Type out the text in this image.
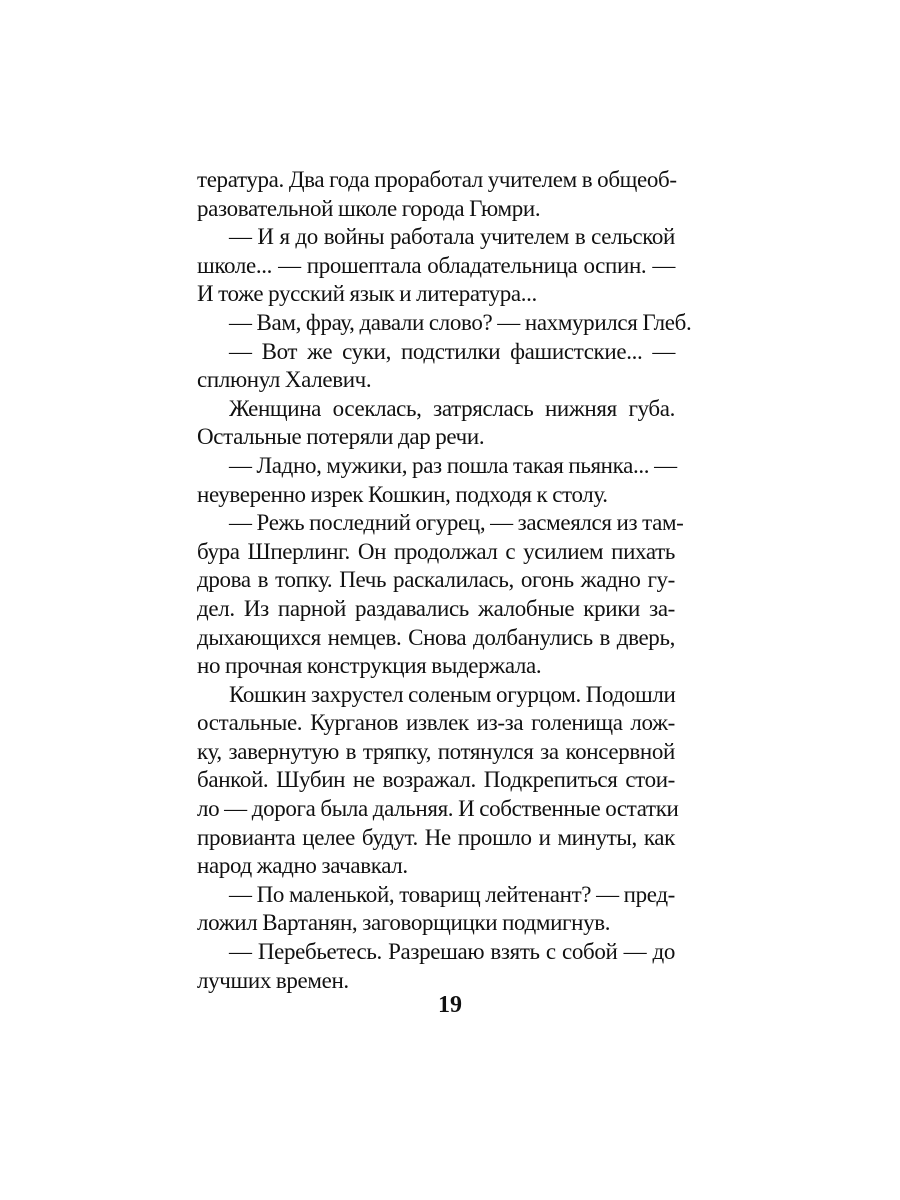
тература. Два года проработал учителем в общеоб-
разовательной школе города Гюмри.

— И я до войны работала учителем в сельской
школе... — прошептала обладательница оспин. —
И тоже русский язык и литература...

— Вам, фрау, давали слово? — нахмурился Глеб.

— Вот же суки, подстилки фашистские... —
сплюнул Халевич.

Женщина осеклась, затряслась нижняя губа.
Остальные потеряли дар речи.

— Ладно, мужики, раз пошла такая пьянка... —
неуверенно изрек Кошкин, подходя к столу.

— Режь последний огурец, — засмеялся из там-
бура Шперлинг. Он продолжал с усилием пихать
дрова в топку. Печь раскалилась, огонь жадно гу-
дел. Из парной раздавались жалобные крики за-
дыхающихся немцев. Снова долбанулись в дверь,
но прочная конструкция выдержала.

Кошкин захрустел соленым огурцом. Подошли
остальные. Курганов извлек из-за голенища лож-
ку, завернутую в тряпку, потянулся за консервной
банкой. Шубин не возражал. Подкрепиться стои-
ло — дорога была дальняя. И собственные остатки
провианта целее будут. Не прошло и минуты, как
народ жадно зачавкал.

— По маленькой, товарищ лейтенант? — пред-
ложил Вартанян, заговорщицки подмигнув.

— Перебьетесь. Разрешаю взять с собой — до
лучших времен.

19
